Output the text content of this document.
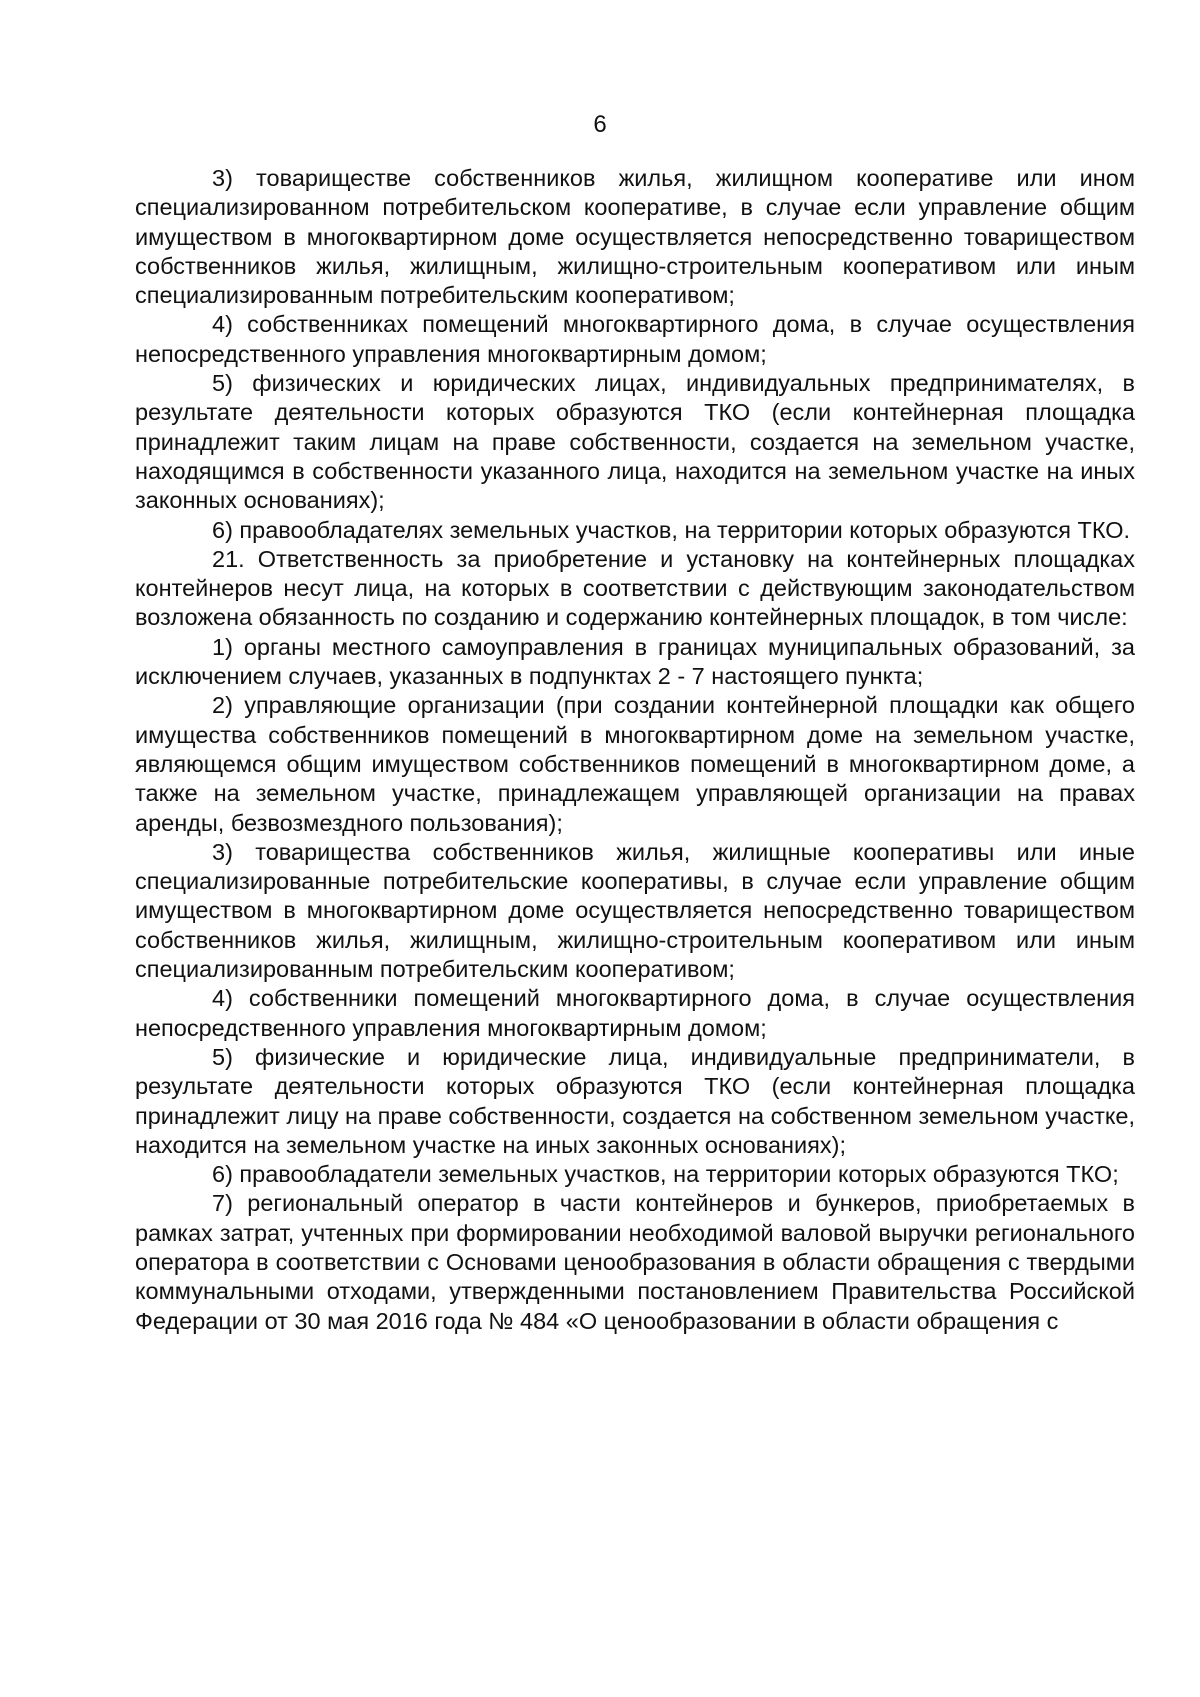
6

3) товариществе собственников жилья, жилищном кооперативе или ином специализированном потребительском кооперативе, в случае если управление общим имуществом в многоквартирном доме осуществляется непосредственно товариществом собственников жилья, жилищным, жилищно-строительным кооперативом или иным специализированным потребительским кооперативом;

4) собственниках помещений многоквартирного дома, в случае осуществления непосредственного управления многоквартирным домом;

5) физических и юридических лицах, индивидуальных предпринимателях, в результате деятельности которых образуются ТКО (если контейнерная площадка принадлежит таким лицам на праве собственности, создается на земельном участке, находящимся в собственности указанного лица, находится на земельном участке на иных законных основаниях);

6) правообладателях земельных участков, на территории которых образуются ТКО.

21. Ответственность за приобретение и установку на контейнерных площадках контейнеров несут лица, на которых в соответствии с действующим законодательством возложена обязанность по созданию и содержанию контейнерных площадок, в том числе:

1) органы местного самоуправления в границах муниципальных образований, за исключением случаев, указанных в подпунктах 2 - 7 настоящего пункта;

2) управляющие организации (при создании контейнерной площадки как общего имущества собственников помещений в многоквартирном доме на земельном участке, являющемся общим имуществом собственников помещений в многоквартирном доме, а также на земельном участке, принадлежащем управляющей организации на правах аренды, безвозмездного пользования);

3) товарищества собственников жилья, жилищные кооперативы или иные специализированные потребительские кооперативы, в случае если управление общим имуществом в многоквартирном доме осуществляется непосредственно товариществом собственников жилья, жилищным, жилищно-строительным кооперативом или иным специализированным потребительским кооперативом;

4) собственники помещений многоквартирного дома, в случае осуществления непосредственного управления многоквартирным домом;

5) физические и юридические лица, индивидуальные предприниматели, в результате деятельности которых образуются ТКО (если контейнерная площадка принадлежит лицу на праве собственности, создается на собственном земельном участке, находится на земельном участке на иных законных основаниях);

6) правообладатели земельных участков, на территории которых образуются ТКО;

7) региональный оператор в части контейнеров и бункеров, приобретаемых в рамках затрат, учтенных при формировании необходимой валовой выручки регионального оператора в соответствии с Основами ценообразования в области обращения с твердыми коммунальными отходами, утвержденными постановлением Правительства Российской Федерации от 30 мая 2016 года № 484 «О ценообразовании в области обращения с
